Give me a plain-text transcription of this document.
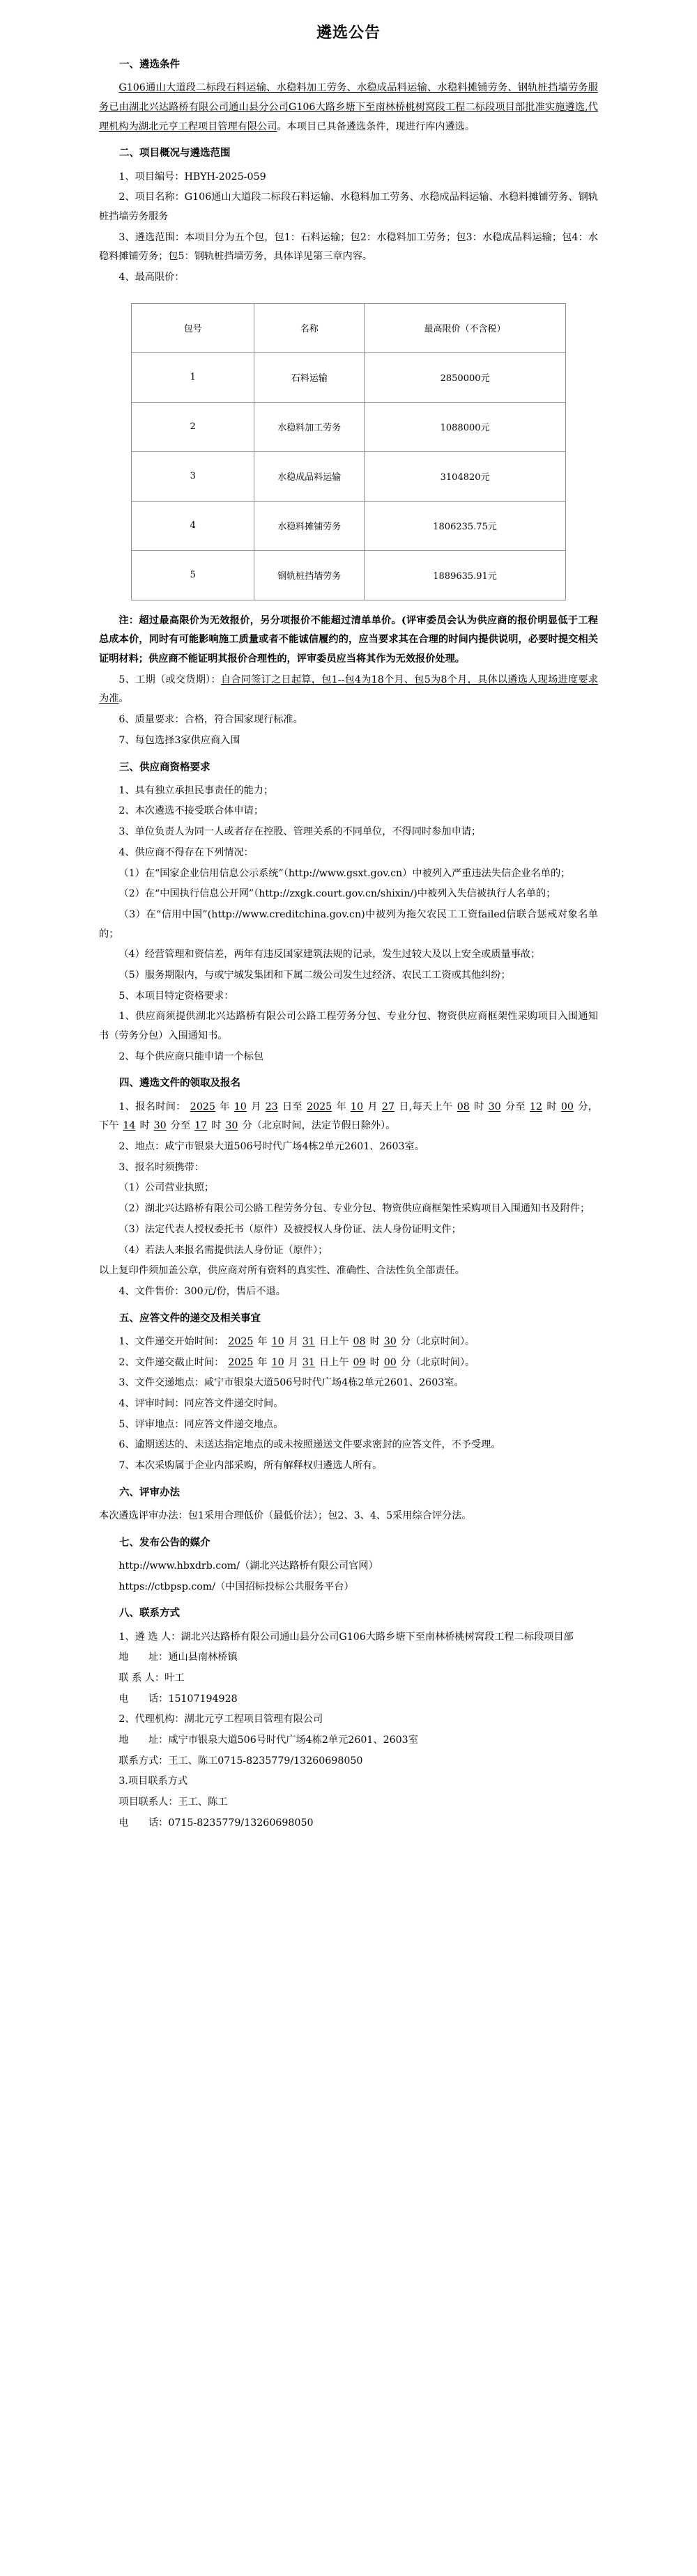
遴选公告
一、遴选条件

G106通山大道段二标段石料运输、水稳料加工劳务、水稳成品料运输、水稳料摊铺劳务、钢轨桩挡墙劳务服务已由湖北兴达路桥有限公司通山县分公司G106大路乡塘下至南林桥桃树窝段工程二标段项目部批准实施遴选,代理机构为湖北元亨工程项目管理有限公司。本项目已具备遴选条件，现进行库内遴选。

二、项目概况与遴选范围

1、项目编号：HBYH-2025-059

2、项目名称：G106通山大道段二标段石料运输、水稳料加工劳务、水稳成品料运输、水稳料摊铺劳务、钢轨桩挡墙劳务服务

3、遴选范围：本项目分为五个包，包1：石料运输；包2：水稳料加工劳务；包3：水稳成品料运输；包4：水稳料摊铺劳务；包5：钢轨桩挡墙劳务，具体详见第三章内容。

4、最高限价：

包号	名称	最高限价（不含税）
1	石料运输	2850000元
2	水稳料加工劳务	1088000元
3	水稳成品料运输	3104820元
4	水稳料摊铺劳务	1806235.75元
5	钢轨桩挡墙劳务	1889635.91元

注：超过最高限价为无效报价，另分项报价不能超过清单单价。(评审委员会认为供应商的报价明显低于工程总成本价，同时有可能影响施工质量或者不能诚信履约的，应当要求其在合理的时间内提供说明，必要时提交相关证明材料；供应商不能证明其报价合理性的，评审委员应当将其作为无效报价处理。

5、工期（或交货期）：自合同签订之日起算，包1--包4为18个月、包5为8个月，具体以遴选人现场进度要求为准。

6、质量要求：合格，符合国家现行标准。

7、每包选择3家供应商入围

三、供应商资格要求

1、具有独立承担民事责任的能力；

2、本次遴选不接受联合体申请；

3、单位负责人为同一人或者存在控股、管理关系的不同单位，不得同时参加申请；

4、供应商不得存在下列情况：

（1）在“国家企业信用信息公示系统”（http://www.gsxt.gov.cn）中被列入严重违法失信企业名单的；

（2）在“中国执行信息公开网”（http://zxgk.court.gov.cn/shixin/)中被列入失信被执行人名单的；

（3）在“信用中国”(http://www.creditchina.gov.cn)中被列为拖欠农民工工资failed信联合惩戒对象名单的；

（4）经营管理和资信差，两年有违反国家建筑法规的记录，发生过较大及以上安全或质量事故；

（5）服务期限内，与或宁城发集团和下属二级公司发生过经济、农民工工资或其他纠纷；

5、本项目特定资格要求：

1、供应商须提供湖北兴达路桥有限公司公路工程劳务分包、专业分包、物资供应商框架性采购项目入围通知书（劳务分包）入围通知书。

2、每个供应商只能申请一个标包

四、遴选文件的领取及报名

1、报名时间： 2025 年 10 月 23 日至 2025 年 10 月 27 日,每天上午 08 时 30 分至 12 时 00 分，下午 14 时 30 分至 17 时 30 分（北京时间，法定节假日除外）。

2、地点：咸宁市银泉大道506号时代广场4栋2单元2601、2603室。

3、报名时须携带：

（1）公司营业执照；

（2）湖北兴达路桥有限公司公路工程劳务分包、专业分包、物资供应商框架性采购项目入围通知书及附件；

（3）法定代表人授权委托书（原件）及被授权人身份证、法人身份证明文件；

（4）若法人来报名需提供法人身份证（原件）；

以上复印件须加盖公章，供应商对所有资料的真实性、准确性、合法性负全部责任。

4、文件售价：300元/份，售后不退。

五、应答文件的递交及相关事宜

1、文件递交开始时间： 2025 年 10 月 31 日上午 08 时 30 分（北京时间）。

2、文件递交截止时间： 2025 年 10 月 31 日上午 09 时 00 分（北京时间）。

3、文件交递地点：咸宁市银泉大道506号时代广场4栋2单元2601、2603室。

4、评审时间：同应答文件递交时间。

5、评审地点：同应答文件递交地点。

6、逾期送达的、未送达指定地点的或未按照递送文件要求密封的应答文件，不予受理。

7、本次采购属于企业内部采购，所有解释权归遴选人所有。

六、评审办法

本次遴选评审办法：包1采用合理低价（最低价法）；包2、3、4、5采用综合评分法。

七、发布公告的媒介

http://www.hbxdrb.com/（湖北兴达路桥有限公司官网）

https://ctbpsp.com/（中国招标投标公共服务平台）

八、联系方式

1、遴 选 人：湖北兴达路桥有限公司通山县分公司G106大路乡塘下至南林桥桃树窝段工程二标段项目部

地　　址：通山县南林桥镇

联 系 人：叶工

电　　话：15107194928

2、代理机构：湖北元亨工程项目管理有限公司

地　　址：咸宁市银泉大道506号时代广场4栋2单元2601、2603室

联系方式：王工、陈工0715-8235779/13260698050

3.项目联系方式

项目联系人：王工、陈工

电　　话：0715-8235779/13260698050
